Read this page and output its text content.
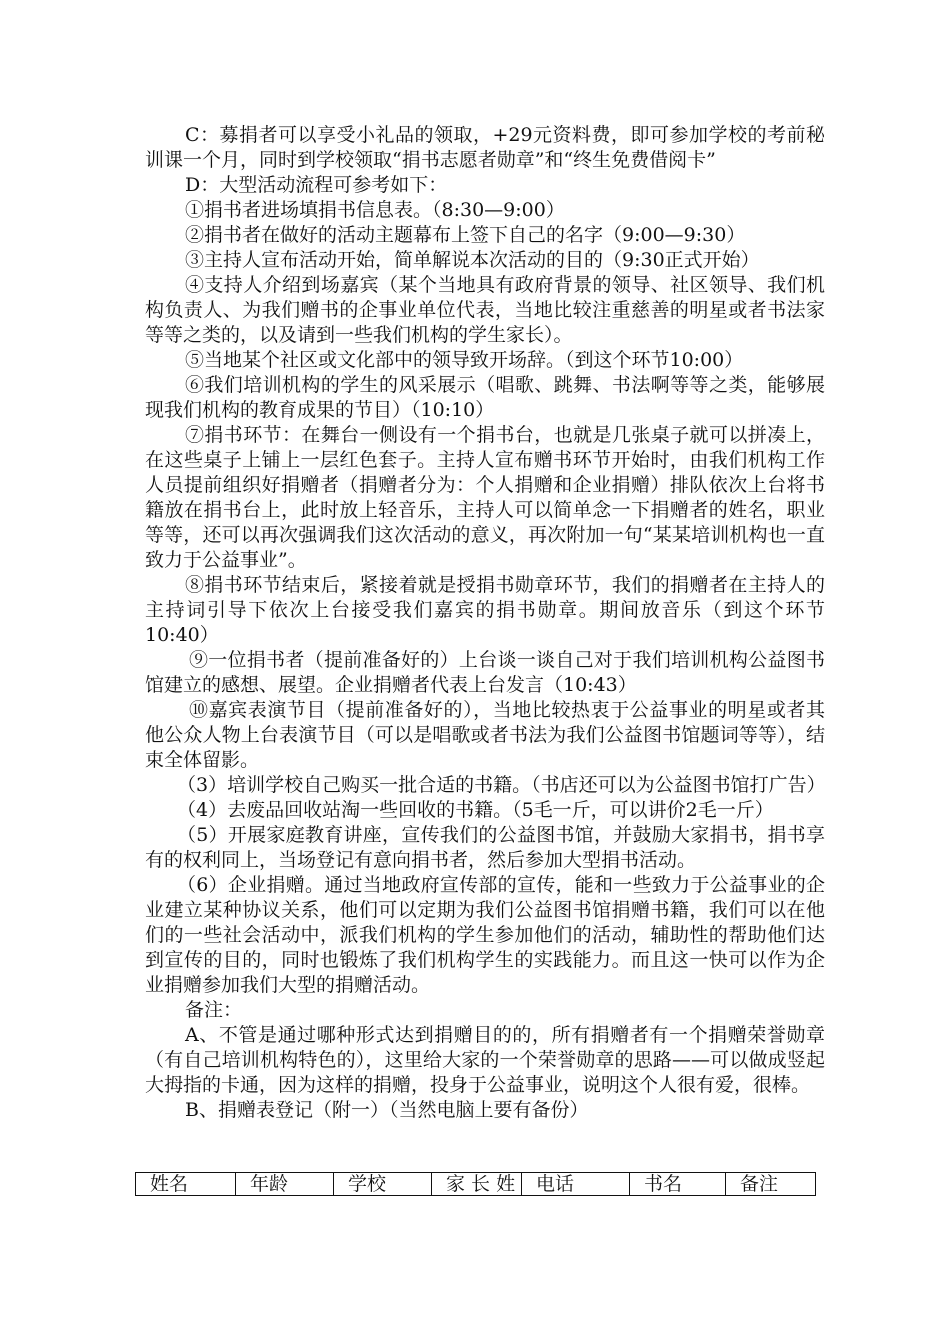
C：募捐者可以享受小礼品的领取，+29元资料费，即可参加学校的考前秘训课一个月，同时到学校领取“捐书志愿者勋章”和“终生免费借阅卡”

D：大型活动流程可参考如下：

①捐书者进场填捐书信息表。（8:30—9:00）

②捐书者在做好的活动主题幕布上签下自己的名字（9:00—9:30）

③主持人宣布活动开始，简单解说本次活动的目的（9:30正式开始）

④支持人介绍到场嘉宾（某个当地具有政府背景的领导、社区领导、我们机构负责人、为我们赠书的企事业单位代表，当地比较注重慈善的明星或者书法家等等之类的，以及请到一些我们机构的学生家长）。

⑤当地某个社区或文化部中的领导致开场辞。（到这个环节10:00）

⑥我们培训机构的学生的风采展示（唱歌、跳舞、书法啊等等之类，能够展现我们机构的教育成果的节目）（10:10）

⑦捐书环节：在舞台一侧设有一个捐书台，也就是几张桌子就可以拼凑上，在这些桌子上铺上一层红色套子。主持人宣布赠书环节开始时，由我们机构工作人员提前组织好捐赠者（捐赠者分为：个人捐赠和企业捐赠）排队依次上台将书籍放在捐书台上，此时放上轻音乐，主持人可以简单念一下捐赠者的姓名，职业等等，还可以再次强调我们这次活动的意义，再次附加一句“某某培训机构也一直致力于公益事业”。

⑧捐书环节结束后，紧接着就是授捐书勋章环节，我们的捐赠者在主持人的主持词引导下依次上台接受我们嘉宾的捐书勋章。期间放音乐（到这个环节10:40）

⑨一位捐书者（提前准备好的）上台谈一谈自己对于我们培训机构公益图书馆建立的感想、展望。企业捐赠者代表上台发言（10:43）

⑩嘉宾表演节目（提前准备好的），当地比较热衷于公益事业的明星或者其他公众人物上台表演节目（可以是唱歌或者书法为我们公益图书馆题词等等），结束全体留影。

（3）培训学校自己购买一批合适的书籍。（书店还可以为公益图书馆打广告）

（4）去废品回收站淘一些回收的书籍。（5毛一斤，可以讲价2毛一斤）

（5）开展家庭教育讲座，宣传我们的公益图书馆，并鼓励大家捐书，捐书享有的权利同上，当场登记有意向捐书者，然后参加大型捐书活动。

（6）企业捐赠。通过当地政府宣传部的宣传，能和一些致力于公益事业的企业建立某种协议关系，他们可以定期为我们公益图书馆捐赠书籍，我们可以在他们的一些社会活动中，派我们机构的学生参加他们的活动，辅助性的帮助他们达到宣传的目的，同时也锻炼了我们机构学生的实践能力。而且这一快可以作为企业捐赠参加我们大型的捐赠活动。

备注：

A、不管是通过哪种形式达到捐赠目的的，所有捐赠者有一个捐赠荣誉勋章（有自己培训机构特色的），这里给大家的一个荣誉勋章的思路——可以做成竖起大拇指的卡通，因为这样的捐赠，投身于公益事业，说明这个人很有爱，很棒。

B、捐赠表登记（附一）（当然电脑上要有备份）

姓名	年龄	学校	家 长 姓	电话	书名	备注
